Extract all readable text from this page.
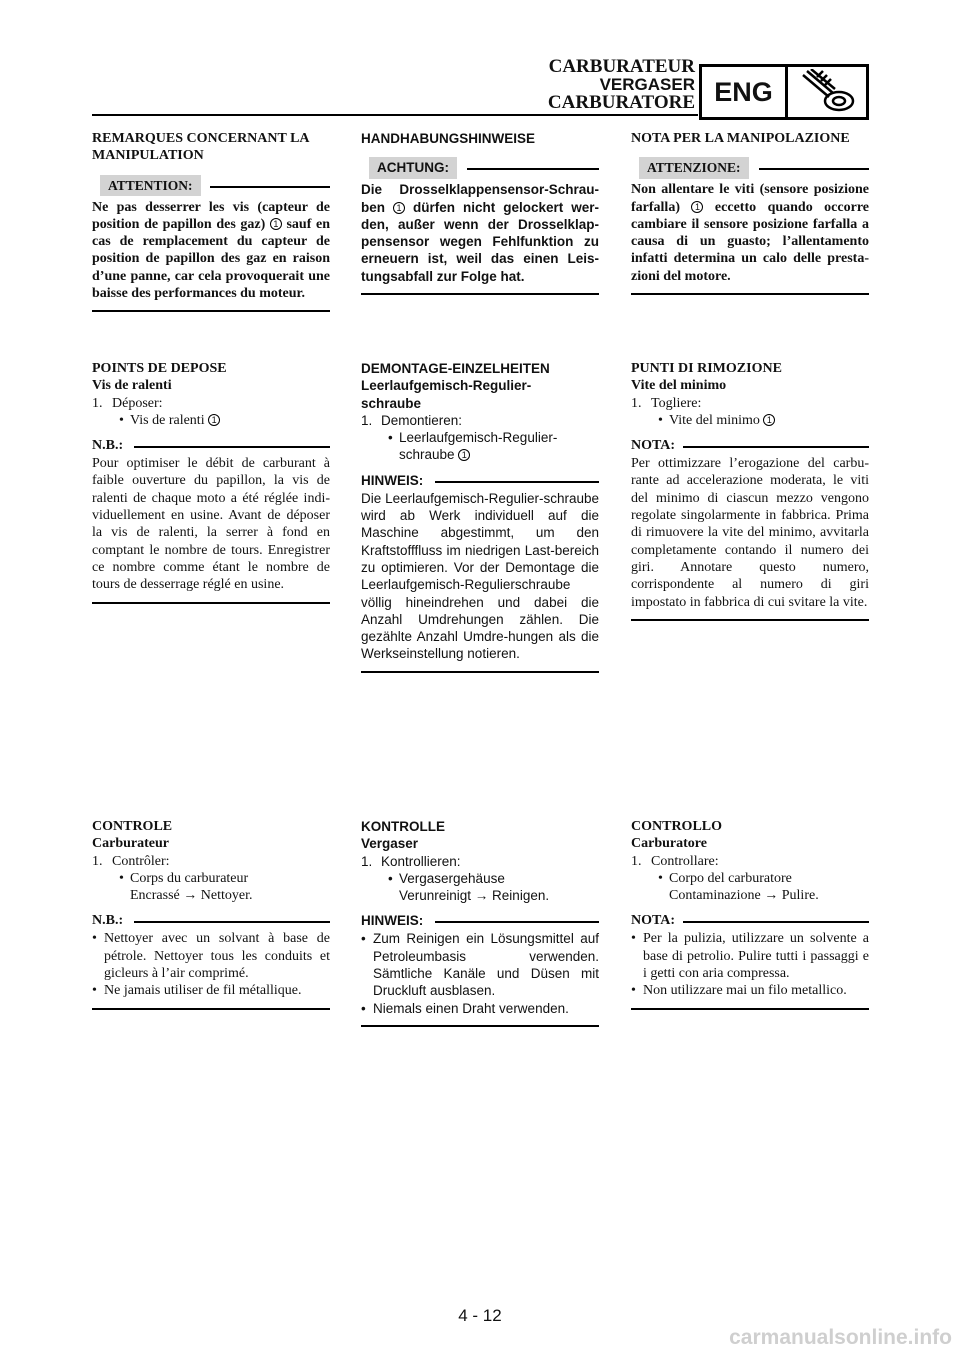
CARBURATEUR
VERGASER
CARBURATORE ENG
REMARQUES CONCERNANT LA MANIPULATION
ATTENTION:
Ne pas desserrer les vis (capteur de position de papillon des gaz) 1 sauf en cas de remplacement du capteur de position de papillon des gaz en raison d’une panne, car cela provoquerait une baisse des performances du moteur.
HANDHABUNGSHINWEISE
ACHTUNG:
Die Drosselklappensensor-Schrau-ben 1 dürfen nicht gelockert wer-den, außer wenn der Drosselklap-pensensor wegen Fehlfunktion zu erneuern ist, weil das einen Leis-tungsabfall zur Folge hat.
NOTA PER LA MANIPOLAZIONE
ATTENZIONE:
Non allentare le viti (sensore posizione farfalla) 1 eccetto quando occorre cambiare il sensore posizione farfalla a causa di un guasto; l’allentamento infatti determina un calo delle presta-zioni del motore.
POINTS DE DEPOSE
Vis de ralenti
1. Déposer:
• Vis de ralenti 1
N.B.:
Pour optimiser le débit de carburant à faible ouverture du papillon, la vis de ralenti de chaque moto a été réglée indi-viduellement en usine. Avant de déposer la vis de ralenti, la serrer à fond en comptant le nombre de tours. Enregistrer ce nombre comme étant le nombre de tours de desserrage réglé en usine.
DEMONTAGE-EINZELHEITEN
Leerlaufgemisch-Regulier-schraube
1. Demontieren:
• Leerlaufgemisch-Regulier-schraube 1
HINWEIS:
Die Leerlaufgemisch-Regulier-schraube wird ab Werk individuell auf die Maschine abgestimmt, um den Kraftstofffluss im niedrigen Last-bereich zu optimieren. Vor der Demontage die Leerlaufgemisch-Regulierschraube völlig hineindrehen und dabei die Anzahl Umdrehungen zählen. Die gezählte Anzahl Umdre-hungen als die Werkseinstellung notieren.
PUNTI DI RIMOZIONE
Vite del minimo
1. Togliere:
• Vite del minimo 1
NOTA:
Per ottimizzare l’erogazione del carbu-rante ad accelerazione moderata, le viti del minimo di ciascun mezzo vengono regolate singolarmente in fabbrica. Prima di rimuovere la vite del minimo, avvitarla completamente contando il numero dei giri. Annotare questo numero, corrispondente al numero di giri impostato in fabbrica di cui svitare la vite.
CONTROLE
Carburateur
1. Contrôler:
• Corps du carburateur
Encrassé → Nettoyer.
N.B.:
• Nettoyer avec un solvant à base de pétrole. Nettoyer tous les conduits et gicleurs à l’air comprimé.
• Ne jamais utiliser de fil métallique.
KONTROLLE
Vergaser
1. Kontrollieren:
• Vergasergehäuse
Verunreinigt → Reinigen.
HINWEIS:
• Zum Reinigen ein Lösungsmittel auf Petroleumbasis verwenden. Sämtliche Kanäle und Düsen mit Druckluft ausblasen.
• Niemals einen Draht verwenden.
CONTROLLO
Carburatore
1. Controllare:
• Corpo del carburatore
Contaminazione → Pulire.
NOTA:
• Per la pulizia, utilizzare un solvente a base di petrolio. Pulire tutti i passaggi e i getti con aria compressa.
• Non utilizzare mai un filo metallico.
4 - 12
carmanualsonline.info
